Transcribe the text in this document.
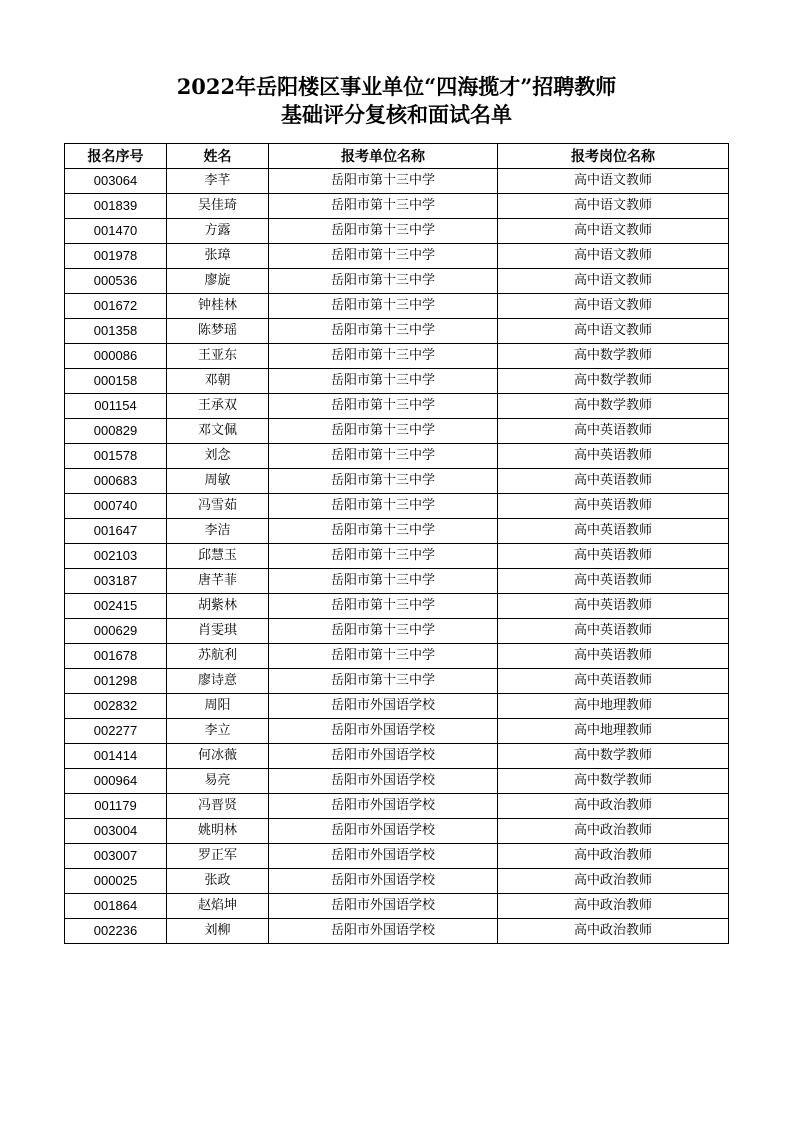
2022年岳阳楼区事业单位“四海揽才”招聘教师
基础评分复核和面试名单
报名序号	姓名	报考单位名称	报考岗位名称
003064	李芊	岳阳市第十三中学	高中语文教师
001839	吴佳琦	岳阳市第十三中学	高中语文教师
001470	方露	岳阳市第十三中学	高中语文教师
001978	张璋	岳阳市第十三中学	高中语文教师
000536	廖旋	岳阳市第十三中学	高中语文教师
001672	钟桂林	岳阳市第十三中学	高中语文教师
001358	陈梦瑶	岳阳市第十三中学	高中语文教师
000086	王亚东	岳阳市第十三中学	高中数学教师
000158	邓朝	岳阳市第十三中学	高中数学教师
001154	王承双	岳阳市第十三中学	高中数学教师
000829	邓文佩	岳阳市第十三中学	高中英语教师
001578	刘念	岳阳市第十三中学	高中英语教师
000683	周敏	岳阳市第十三中学	高中英语教师
000740	冯雪茹	岳阳市第十三中学	高中英语教师
001647	李洁	岳阳市第十三中学	高中英语教师
002103	邱慧玉	岳阳市第十三中学	高中英语教师
003187	唐芊菲	岳阳市第十三中学	高中英语教师
002415	胡紫林	岳阳市第十三中学	高中英语教师
000629	肖雯琪	岳阳市第十三中学	高中英语教师
001678	苏航利	岳阳市第十三中学	高中英语教师
001298	廖诗意	岳阳市第十三中学	高中英语教师
002832	周阳	岳阳市外国语学校	高中地理教师
002277	李立	岳阳市外国语学校	高中地理教师
001414	何冰薇	岳阳市外国语学校	高中数学教师
000964	易亮	岳阳市外国语学校	高中数学教师
001179	冯晋贤	岳阳市外国语学校	高中政治教师
003004	姚明林	岳阳市外国语学校	高中政治教师
003007	罗正军	岳阳市外国语学校	高中政治教师
000025	张政	岳阳市外国语学校	高中政治教师
001864	赵焰坤	岳阳市外国语学校	高中政治教师
002236	刘柳	岳阳市外国语学校	高中政治教师
